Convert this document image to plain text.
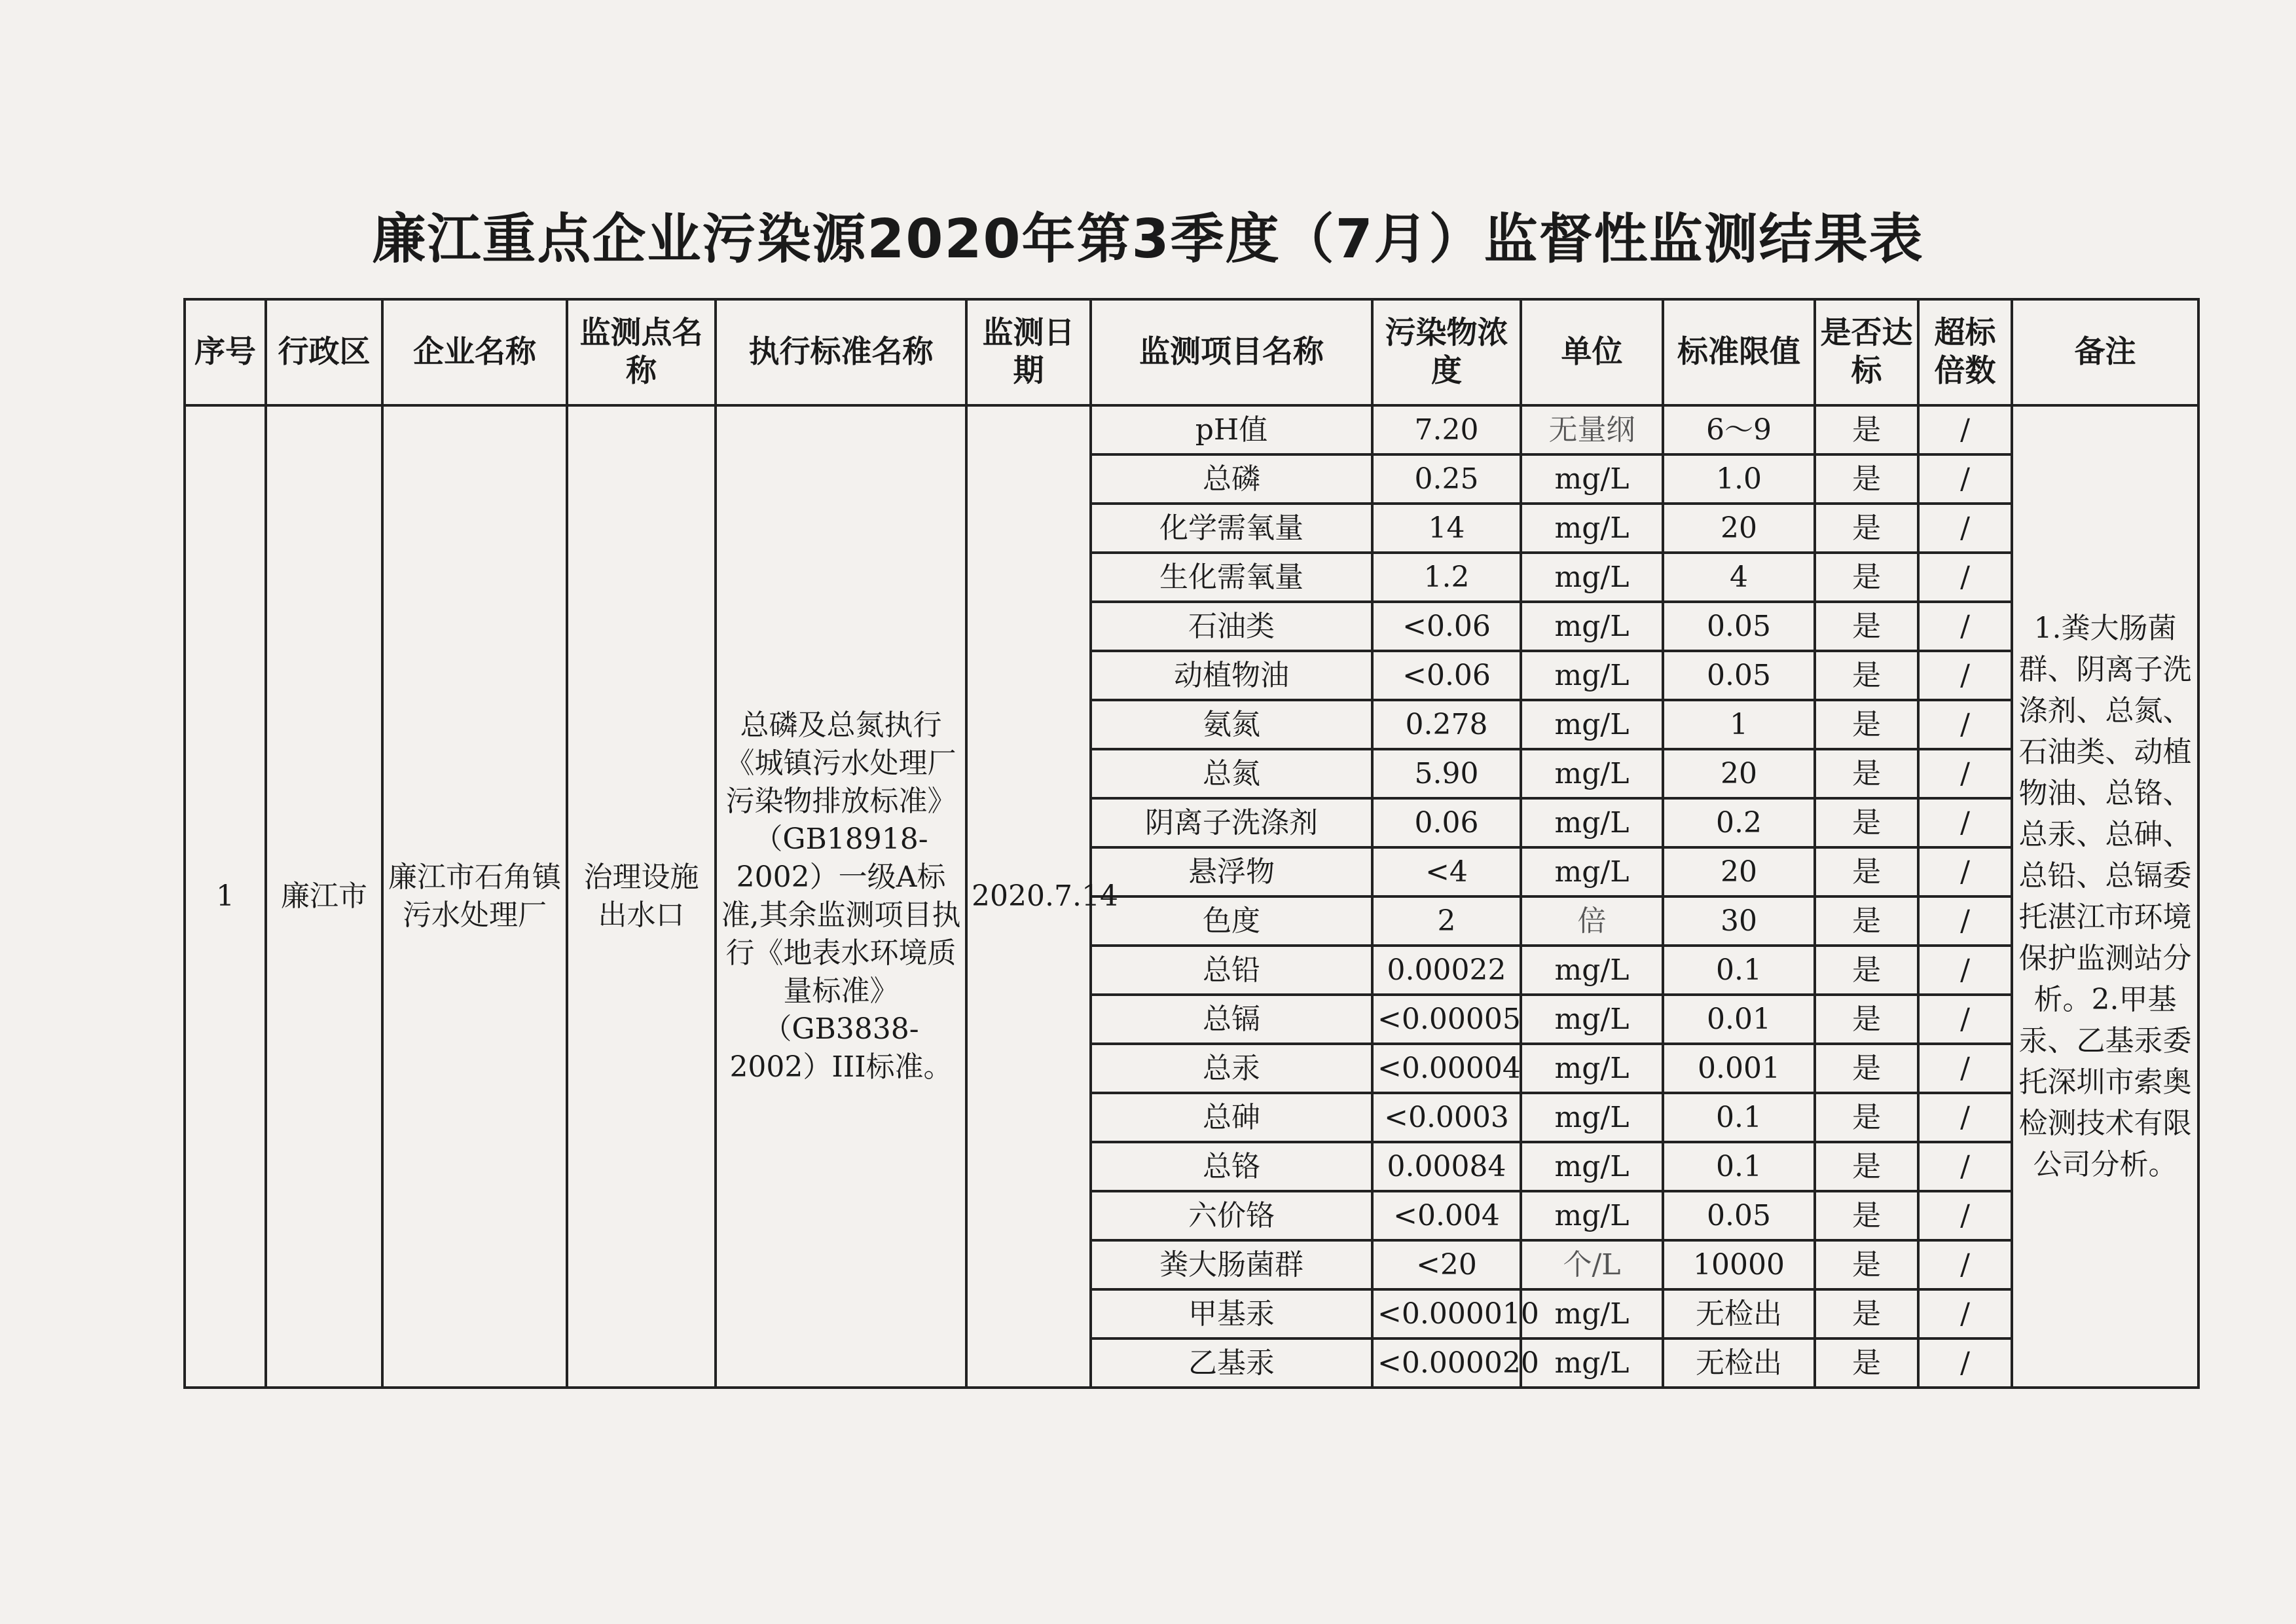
廉江重点企业污染源2020年第3季度（7月）监督性监测结果表
序号	行政区	企业名称	监测点名称	执行标准名称	监测日期	监测项目名称	污染物浓度	单位	标准限值	是否达标	超标倍数	备注
1	廉江市	廉江市石角镇污水处理厂	治理设施出水口	总磷及总氮执行《城镇污水处理厂污染物排放标准》（GB18918-2002）一级A标准,其余监测项目执行《地表水环境质量标准》（GB3838-2002）III标准。	2020.7.14	pH值	7.20	无量纲	6～9	是	/	1.粪大肠菌群、阴离子洗涤剂、总氮、石油类、动植物油、总铬、总汞、总砷、总铅、总镉委托湛江市环境保护监测站分析。2.甲基汞、乙基汞委托深圳市索奥检测技术有限公司分析。
						总磷	0.25	mg/L	1.0	是	/	
						化学需氧量	14	mg/L	20	是	/	
						生化需氧量	1.2	mg/L	4	是	/	
						石油类	<0.06	mg/L	0.05	是	/	
						动植物油	<0.06	mg/L	0.05	是	/	
						氨氮	0.278	mg/L	1	是	/	
						总氮	5.90	mg/L	20	是	/	
						阴离子洗涤剂	0.06	mg/L	0.2	是	/	
						悬浮物	<4	mg/L	20	是	/	
						色度	2	倍	30	是	/	
						总铅	0.00022	mg/L	0.1	是	/	
						总镉	<0.00005	mg/L	0.01	是	/	
						总汞	<0.00004	mg/L	0.001	是	/	
						总砷	<0.0003	mg/L	0.1	是	/	
						总铬	0.00084	mg/L	0.1	是	/	
						六价铬	<0.004	mg/L	0.05	是	/	
						粪大肠菌群	<20	个/L	10000	是	/	
						甲基汞	<0.000010	mg/L	无检出	是	/	
						乙基汞	<0.000020	mg/L	无检出	是	/	
